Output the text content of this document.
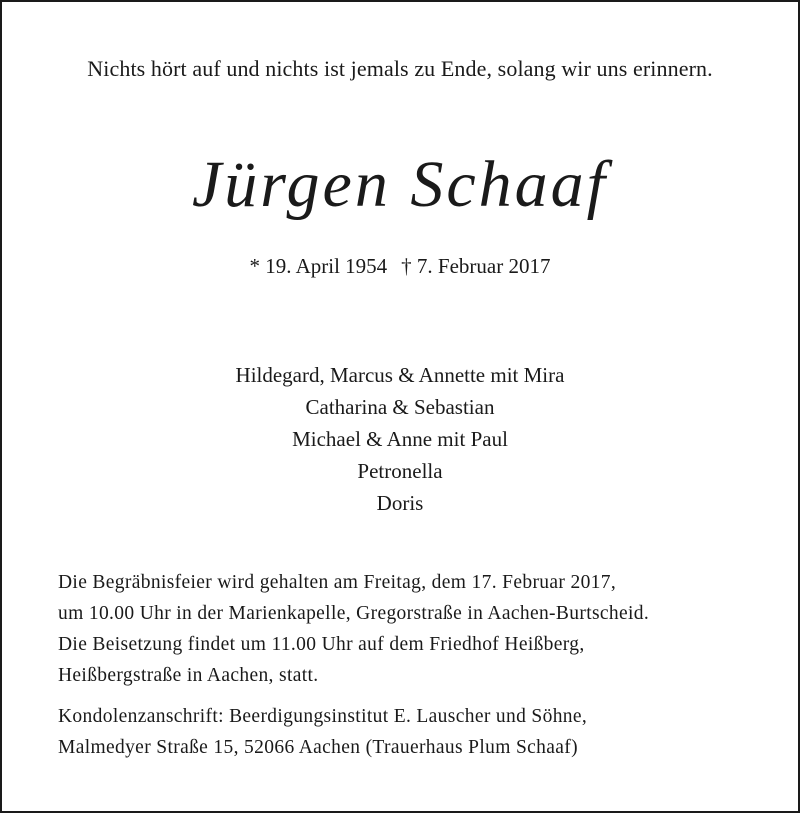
Nichts hört auf und nichts ist jemals zu Ende, solang wir uns erinnern.
Jürgen Schaaf
* 19. April 1954 † 7. Februar 2017
Hildegard, Marcus & Annette mit Mira
Catharina & Sebastian
Michael & Anne mit Paul
Petronella
Doris
Die Begräbnisfeier wird gehalten am Freitag, dem 17. Februar 2017,
um 10.00 Uhr in der Marienkapelle, Gregorstraße in Aachen-Burtscheid.
Die Beisetzung findet um 11.00 Uhr auf dem Friedhof Heißberg,
Heißbergstraße in Aachen, statt.
Kondolenzanschrift: Beerdigungsinstitut E. Lauscher und Söhne,
Malmedyer Straße 15, 52066 Aachen (Trauerhaus Plum Schaaf)
